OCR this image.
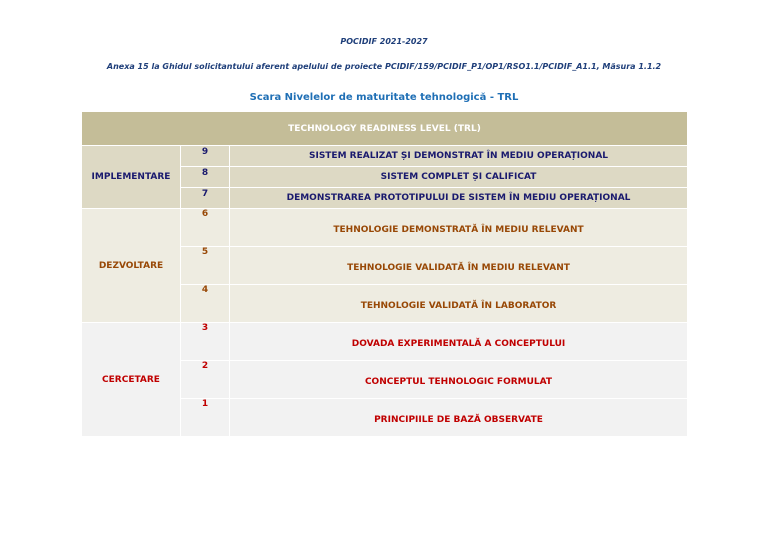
POCIDIF 2021-2027
Anexa 15 la Ghidul solicitantului aferent apelului de proiecte PCIDIF/159/PCIDIF_P1/OP1/RSO1.1/PCIDIF_A1.1, Măsura 1.1.2
Scara Nivelelor de maturitate tehnologică - TRL
TECHNOLOGY READINESS LEVEL (TRL)		

IMPLEMENTARE	9	SISTEM REALIZAT ȘI DEMONSTRAT ÎN MEDIU OPERAȚIONAL
	8	SISTEM COMPLET ȘI CALIFICAT
	7	DEMONSTRAREA PROTOTIPULUI DE SISTEM ÎN MEDIU OPERAȚIONAL
DEZVOLTARE	6	TEHNOLOGIE DEMONSTRATĂ ÎN MEDIU RELEVANT
	5	TEHNOLOGIE VALIDATĂ ÎN MEDIU RELEVANT
	4	TEHNOLOGIE VALIDATĂ ÎN LABORATOR
CERCETARE	3	DOVADA EXPERIMENTALĂ A CONCEPTULUI
	2	CONCEPTUL TEHNOLOGIC FORMULAT
	1	PRINCIPIILE DE BAZĂ OBSERVATE
